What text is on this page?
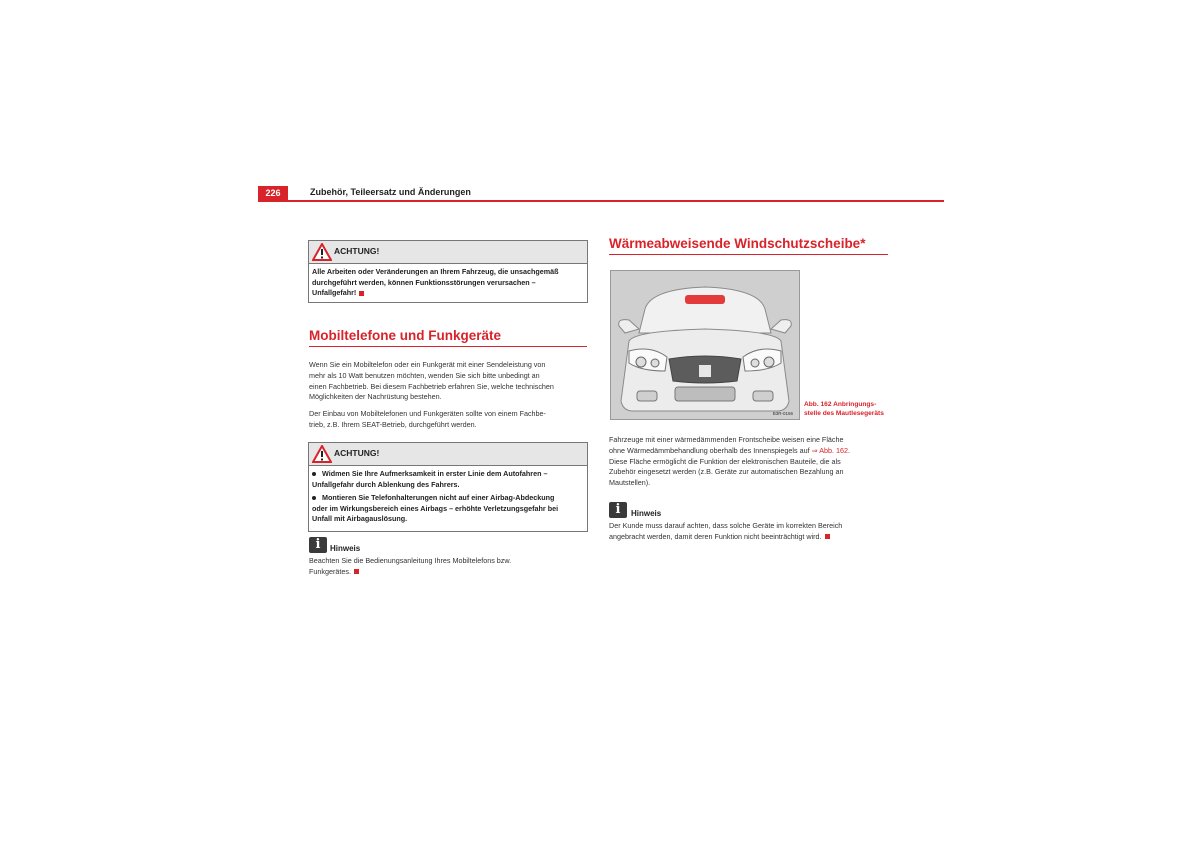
226	Zubehör, Teileersatz und Änderungen
ACHTUNG!
Alle Arbeiten oder Veränderungen an Ihrem Fahrzeug, die unsachgemäß
durchgeführt werden, können Funktionsstörungen verursachen –
Unfallgefahr!
Mobiltelefone und Funkgeräte
Wenn Sie ein Mobiltelefon oder ein Funkgerät mit einer Sendeleistung von
mehr als 10 Watt benutzen möchten, wenden Sie sich bitte unbedingt an
einen Fachbetrieb. Bei diesem Fachbetrieb erfahren Sie, welche technischen
Möglichkeiten der Nachrüstung bestehen.
Der Einbau von Mobiltelefonen und Funkgeräten sollte von einem Fachbe-
trieb, z.B. Ihrem SEAT-Betrieb, durchgeführt werden.
ACHTUNG!
Widmen Sie Ihre Aufmerksamkeit in erster Linie dem Autofahren –
Unfallgefahr durch Ablenkung des Fahrers.
Montieren Sie Telefonhalterungen nicht auf einer Airbag-Abdeckung
oder im Wirkungsbereich eines Airbags – erhöhte Verletzungsgefahr bei
Unfall mit Airbagauslösung.
i	Hinweis
Beachten Sie die Bedienungsanleitung Ihres Mobiltelefons bzw.
Funkgerätes.
Wärmeabweisende Windschutzscheibe*
B3R-0166
Abb. 162 Anbringungs-
stelle des Mautlesegeräts
Fahrzeuge mit einer wärmedämmenden Frontscheibe weisen eine Fläche
ohne Wärmedämmbehandlung oberhalb des Innenspiegels auf ⇒ Abb. 162.
Diese Fläche ermöglicht die Funktion der elektronischen Bauteile, die als
Zubehör eingesetzt werden (z.B. Geräte zur automatischen Bezahlung an
Mautstellen).
i	Hinweis
Der Kunde muss darauf achten, dass solche Geräte im korrekten Bereich
angebracht werden, damit deren Funktion nicht beeinträchtigt wird.
